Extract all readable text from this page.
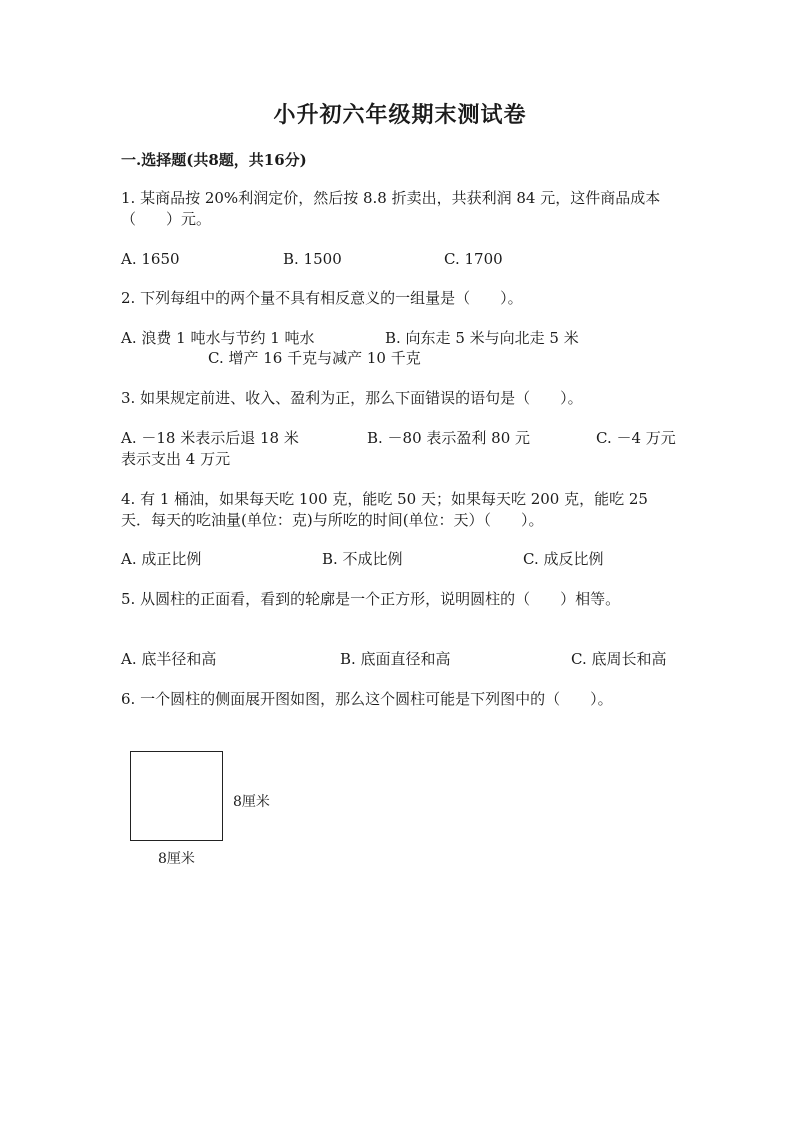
小升初六年级期末测试卷
一.选择题(共8题，共16分)
1. 某商品按 20%利润定价，然后按 8.8 折卖出，共获利润 84 元，这件商品成本
（　　）元。
A. 1650	B. 1500	C. 1700
2. 下列每组中的两个量不具有相反意义的一组量是（　　）。
A. 浪费 1 吨水与节约 1 吨水	B. 向东走 5 米与向北走 5 米
C. 增产 16 千克与减产 10 千克
3. 如果规定前进、收入、盈利为正，那么下面错误的语句是（　　）。
A. －18 米表示后退 18 米	B. －80 表示盈利 80 元	C. －4 万元
表示支出 4 万元
4. 有 1 桶油，如果每天吃 100 克，能吃 50 天；如果每天吃 200 克，能吃 25
天．每天的吃油量(单位：克)与所吃的时间(单位：天）（　　）。
A. 成正比例	B. 不成比例	C. 成反比例
5. 从圆柱的正面看，看到的轮廓是一个正方形，说明圆柱的（　　）相等。
A. 底半径和高	B. 底面直径和高	C. 底周长和高
6. 一个圆柱的侧面展开图如图，那么这个圆柱可能是下列图中的（　　）。
8厘米
8厘米
